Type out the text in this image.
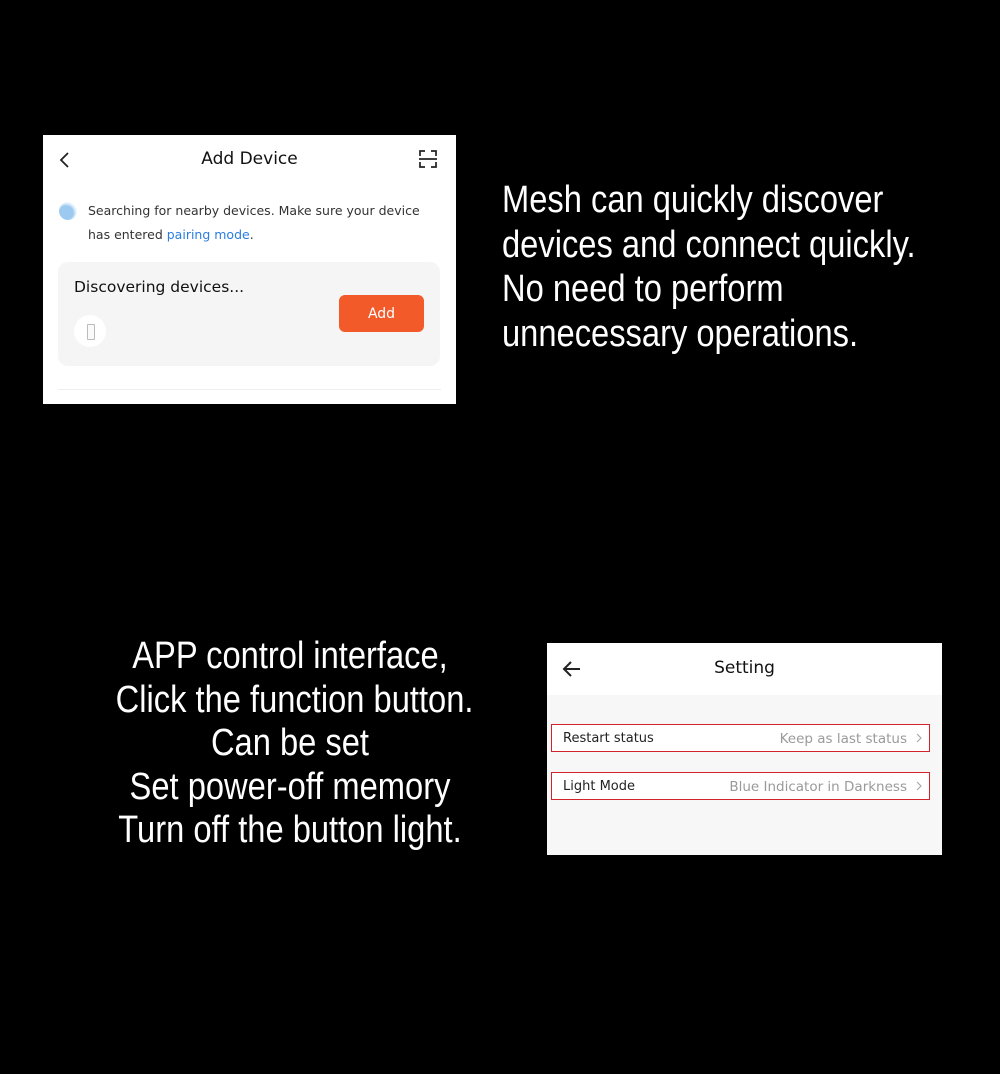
Add Device
Searching for nearby devices. Make sure your device has entered pairing mode.
Discovering devices...
Add
Mesh can quickly discover
devices and connect quickly.
No need to perform
unnecessary operations.
APP control interface,
Click the function button.
Can be set
Set power-off memory
Turn off the button light.
Setting
Restart status	Keep as last status
Light Mode	Blue Indicator in Darkness
